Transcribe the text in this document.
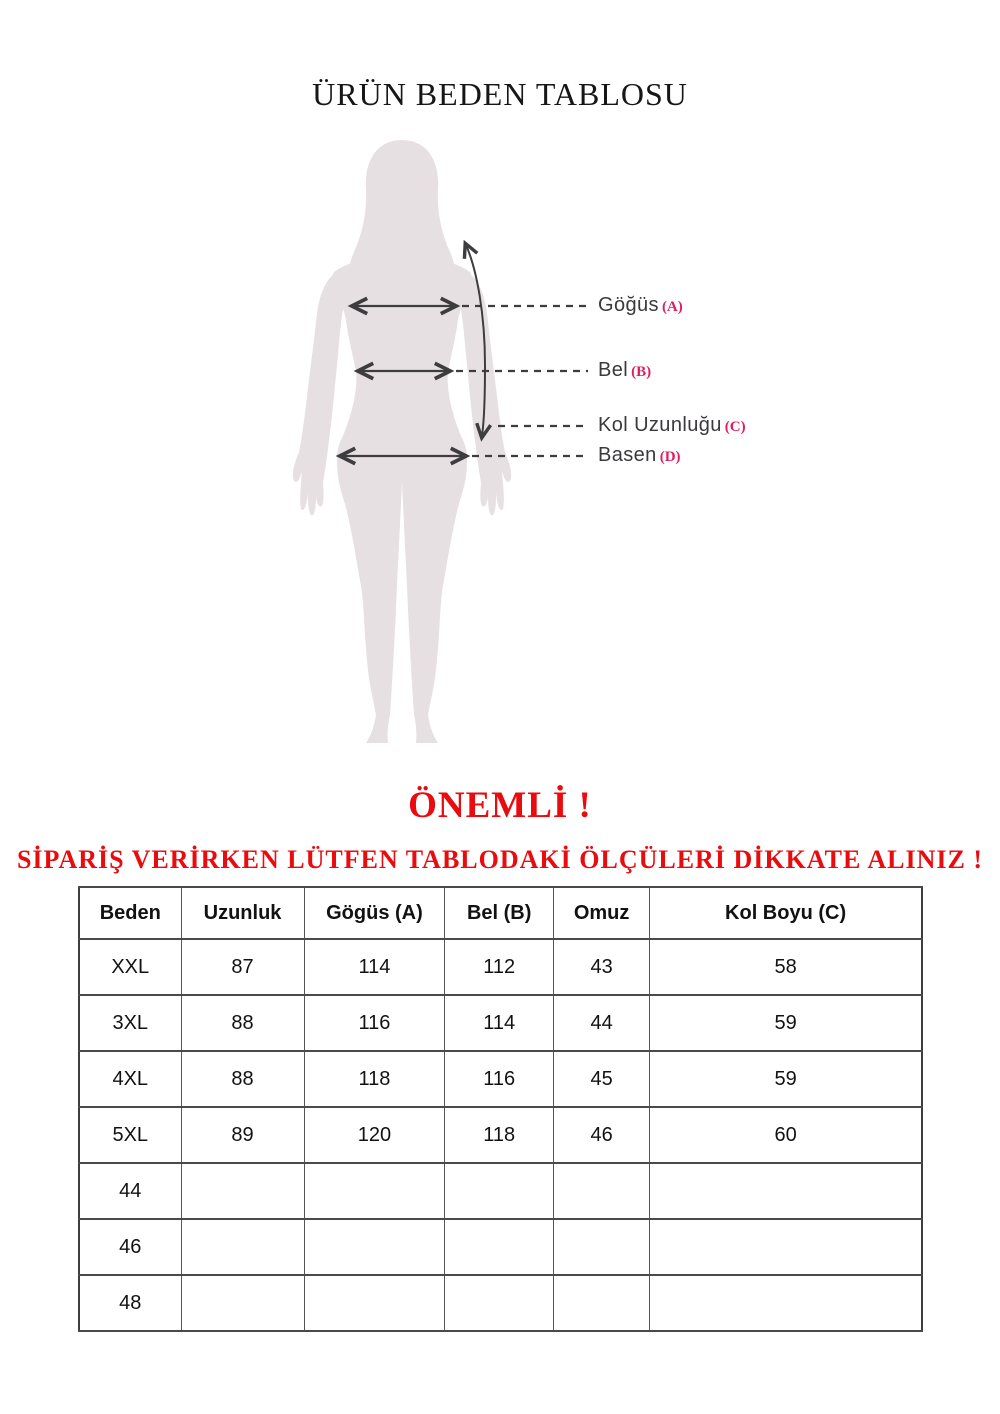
ÜRÜN BEDEN TABLOSU
Göğüs (A)
Bel (B)
Kol Uzunluğu (C)
Basen (D)
ÖNEMLİ !
SİPARİŞ VERİRKEN LÜTFEN TABLODAKİ ÖLÇÜLERİ DİKKATE ALINIZ !
Beden	Uzunluk	Gögüs (A)	Bel (B)	Omuz	Kol Boyu (C)
XXL	87	114	112	43	58
3XL	88	116	114	44	59
4XL	88	118	116	45	59
5XL	89	120	118	46	60
44					
46					
48					
